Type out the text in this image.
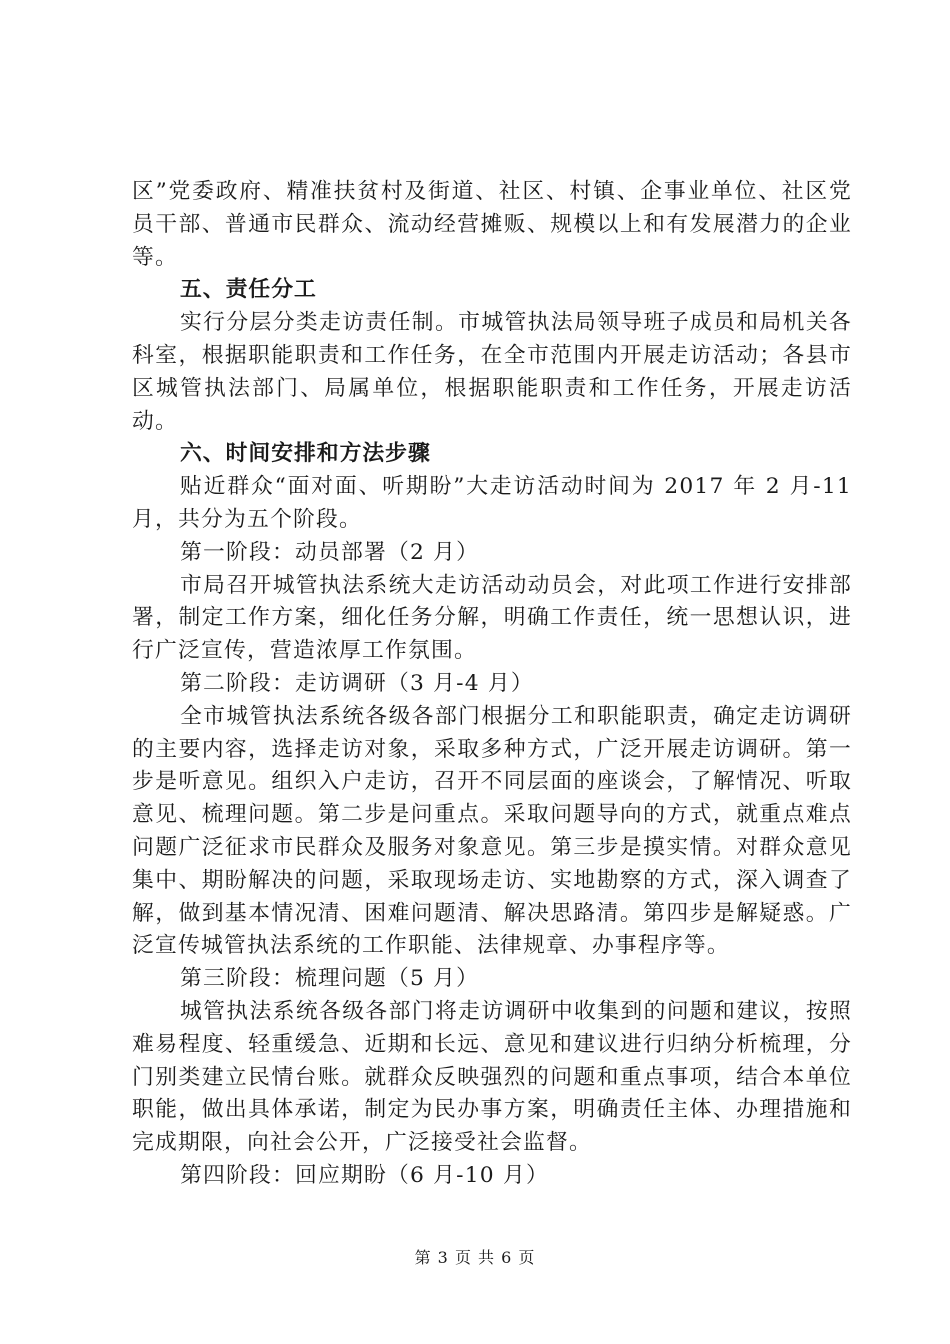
区”党委政府、精准扶贫村及街道、社区、村镇、企事业单位、社区党员干部、普通市民群众、流动经营摊贩、规模以上和有发展潜力的企业等。

五、责任分工

实行分层分类走访责任制。市城管执法局领导班子成员和局机关各科室，根据职能职责和工作任务，在全市范围内开展走访活动；各县市区城管执法部门、局属单位，根据职能职责和工作任务，开展走访活动。

六、时间安排和方法步骤

贴近群众“面对面、听期盼”大走访活动时间为 2017 年 2 月-11 月，共分为五个阶段。

第一阶段：动员部署（2 月）

市局召开城管执法系统大走访活动动员会，对此项工作进行安排部署，制定工作方案，细化任务分解，明确工作责任，统一思想认识，进行广泛宣传，营造浓厚工作氛围。

第二阶段：走访调研（3 月-4 月）

全市城管执法系统各级各部门根据分工和职能职责，确定走访调研的主要内容，选择走访对象，采取多种方式，广泛开展走访调研。第一步是听意见。组织入户走访，召开不同层面的座谈会，了解情况、听取意见、梳理问题。第二步是问重点。采取问题导向的方式，就重点难点问题广泛征求市民群众及服务对象意见。第三步是摸实情。对群众意见集中、期盼解决的问题，采取现场走访、实地勘察的方式，深入调查了解，做到基本情况清、困难问题清、解决思路清。第四步是解疑惑。广泛宣传城管执法系统的工作职能、法律规章、办事程序等。

第三阶段：梳理问题（5 月）

城管执法系统各级各部门将走访调研中收集到的问题和建议，按照难易程度、轻重缓急、近期和长远、意见和建议进行归纳分析梳理，分门别类建立民情台账。就群众反映强烈的问题和重点事项，结合本单位职能，做出具体承诺，制定为民办事方案，明确责任主体、办理措施和完成期限，向社会公开，广泛接受社会监督。

第四阶段：回应期盼（6 月-10 月）

第 3 页 共 6 页
